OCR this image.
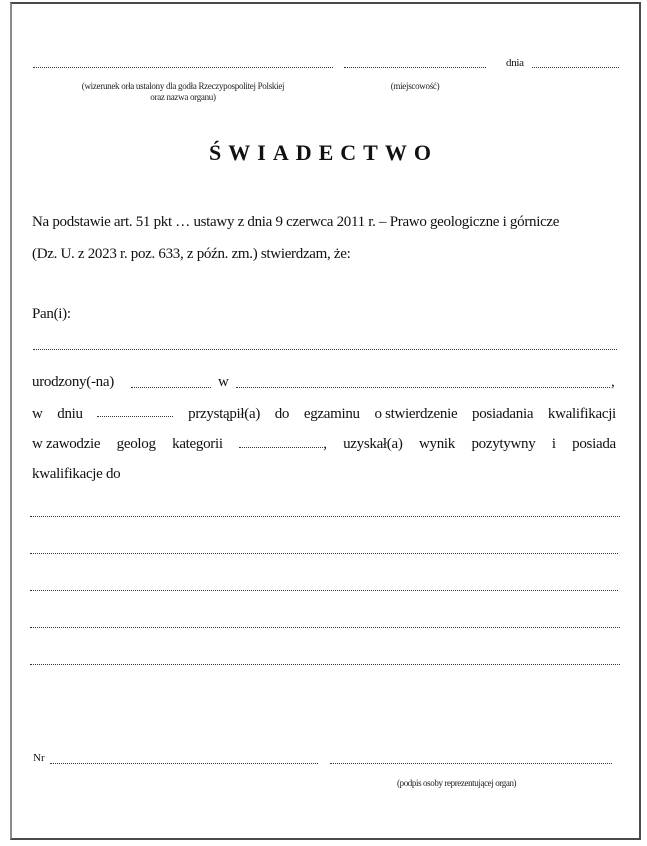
(wizerunek orła ustalony dla godła Rzeczypospolitej Polskiej
oraz nazwa organu)
(miejscowość)
dnia
ŚWIADECTWO
Na podstawie art. 51 pkt … ustawy z dnia 9 czerwca 2011 r. – Prawo geologiczne i górnicze
(Dz. U. z 2023 r. poz. 633, z późn. zm.) stwierdzam, że:
Pan(i):
urodzony(-na)	w	,
w dniu	przystąpił(a) do egzaminu o stwierdzenie posiadania kwalifikacji
w zawodzie geolog kategorii	, uzyskał(a) wynik pozytywny i posiada
kwalifikacje do
Nr
(podpis osoby reprezentującej organ)
